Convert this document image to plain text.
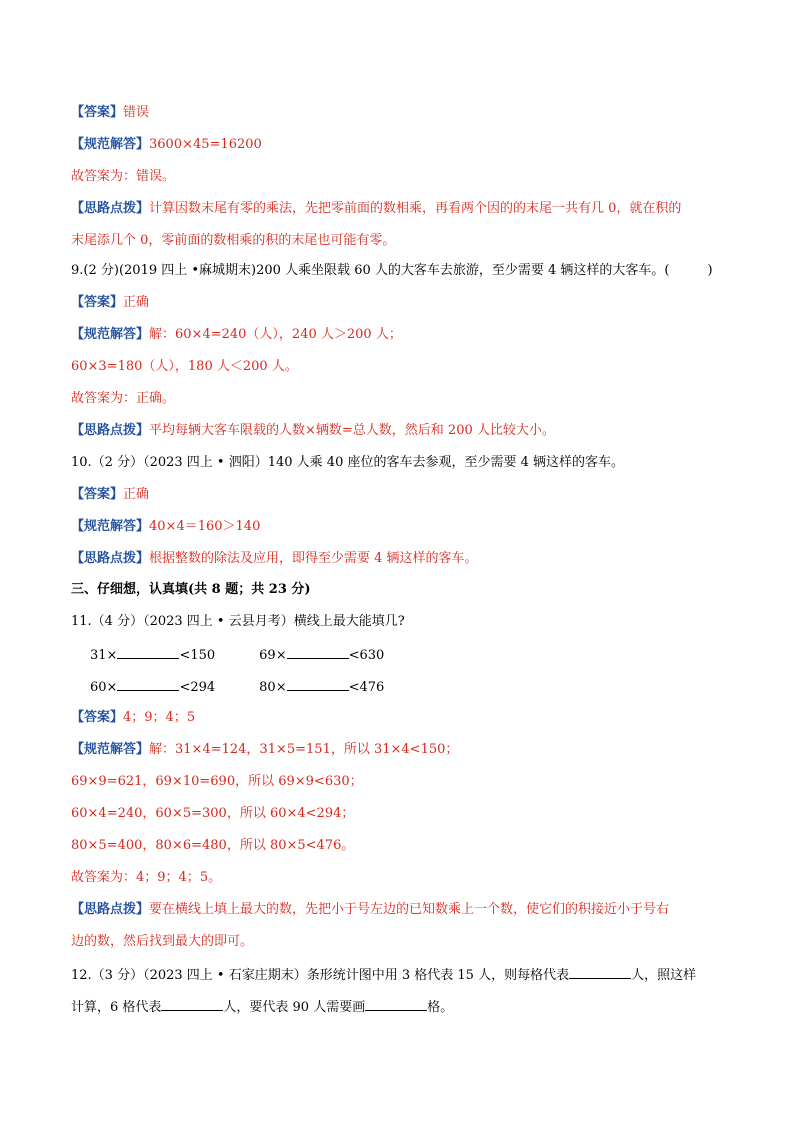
【答案】错误
【规范解答】3600×45=16200
故答案为：错误。
【思路点拨】计算因数末尾有零的乘法，先把零前面的数相乘，再看两个因的的末尾一共有几 0，就在积的
末尾添几个 0，零前面的数相乘的积的末尾也可能有零。
9.(2 分)(2019 四上 •麻城期末)200 人乘坐限载 60 人的大客车去旅游，至少需要 4 辆这样的大客车。(	)
【答案】正确
【规范解答】解：60×4=240（人），240 人＞200 人；
60×3=180（人），180 人＜200 人。
故答案为：正确。
【思路点拨】平均每辆大客车限载的人数×辆数=总人数，然后和 200 人比较大小。
10.（2 分）（2023 四上 • 泗阳）140 人乘 40 座位的客车去参观，至少需要 4 辆这样的客车。
【答案】正确
【规范解答】40×4＝160＞140
【思路点拨】根据整数的除法及应用，即得至少需要 4 辆这样的客车。
三、仔细想，认真填(共 8 题；共 23 分)
11.（4 分）（2023 四上 • 云县月考）横线上最大能填几?
31×	<150	69×	<630
60×	<294	80×	<476
【答案】4；9；4；5
【规范解答】解：31×4=124，31×5=151，所以 31×4<150；
69×9=621，69×10=690，所以 69×9<630；
60×4=240，60×5=300，所以 60×4<294；
80×5=400，80×6=480，所以 80×5<476。
故答案为：4；9；4；5。
【思路点拨】要在横线上填上最大的数，先把小于号左边的已知数乘上一个数，使它们的积接近小于号右
边的数，然后找到最大的即可。
12.（3 分）（2023 四上 • 石家庄期末）条形统计图中用 3 格代表 15 人，则每格代表	人，照这样
计算，6 格代表	人，要代表 90 人需要画	格。
